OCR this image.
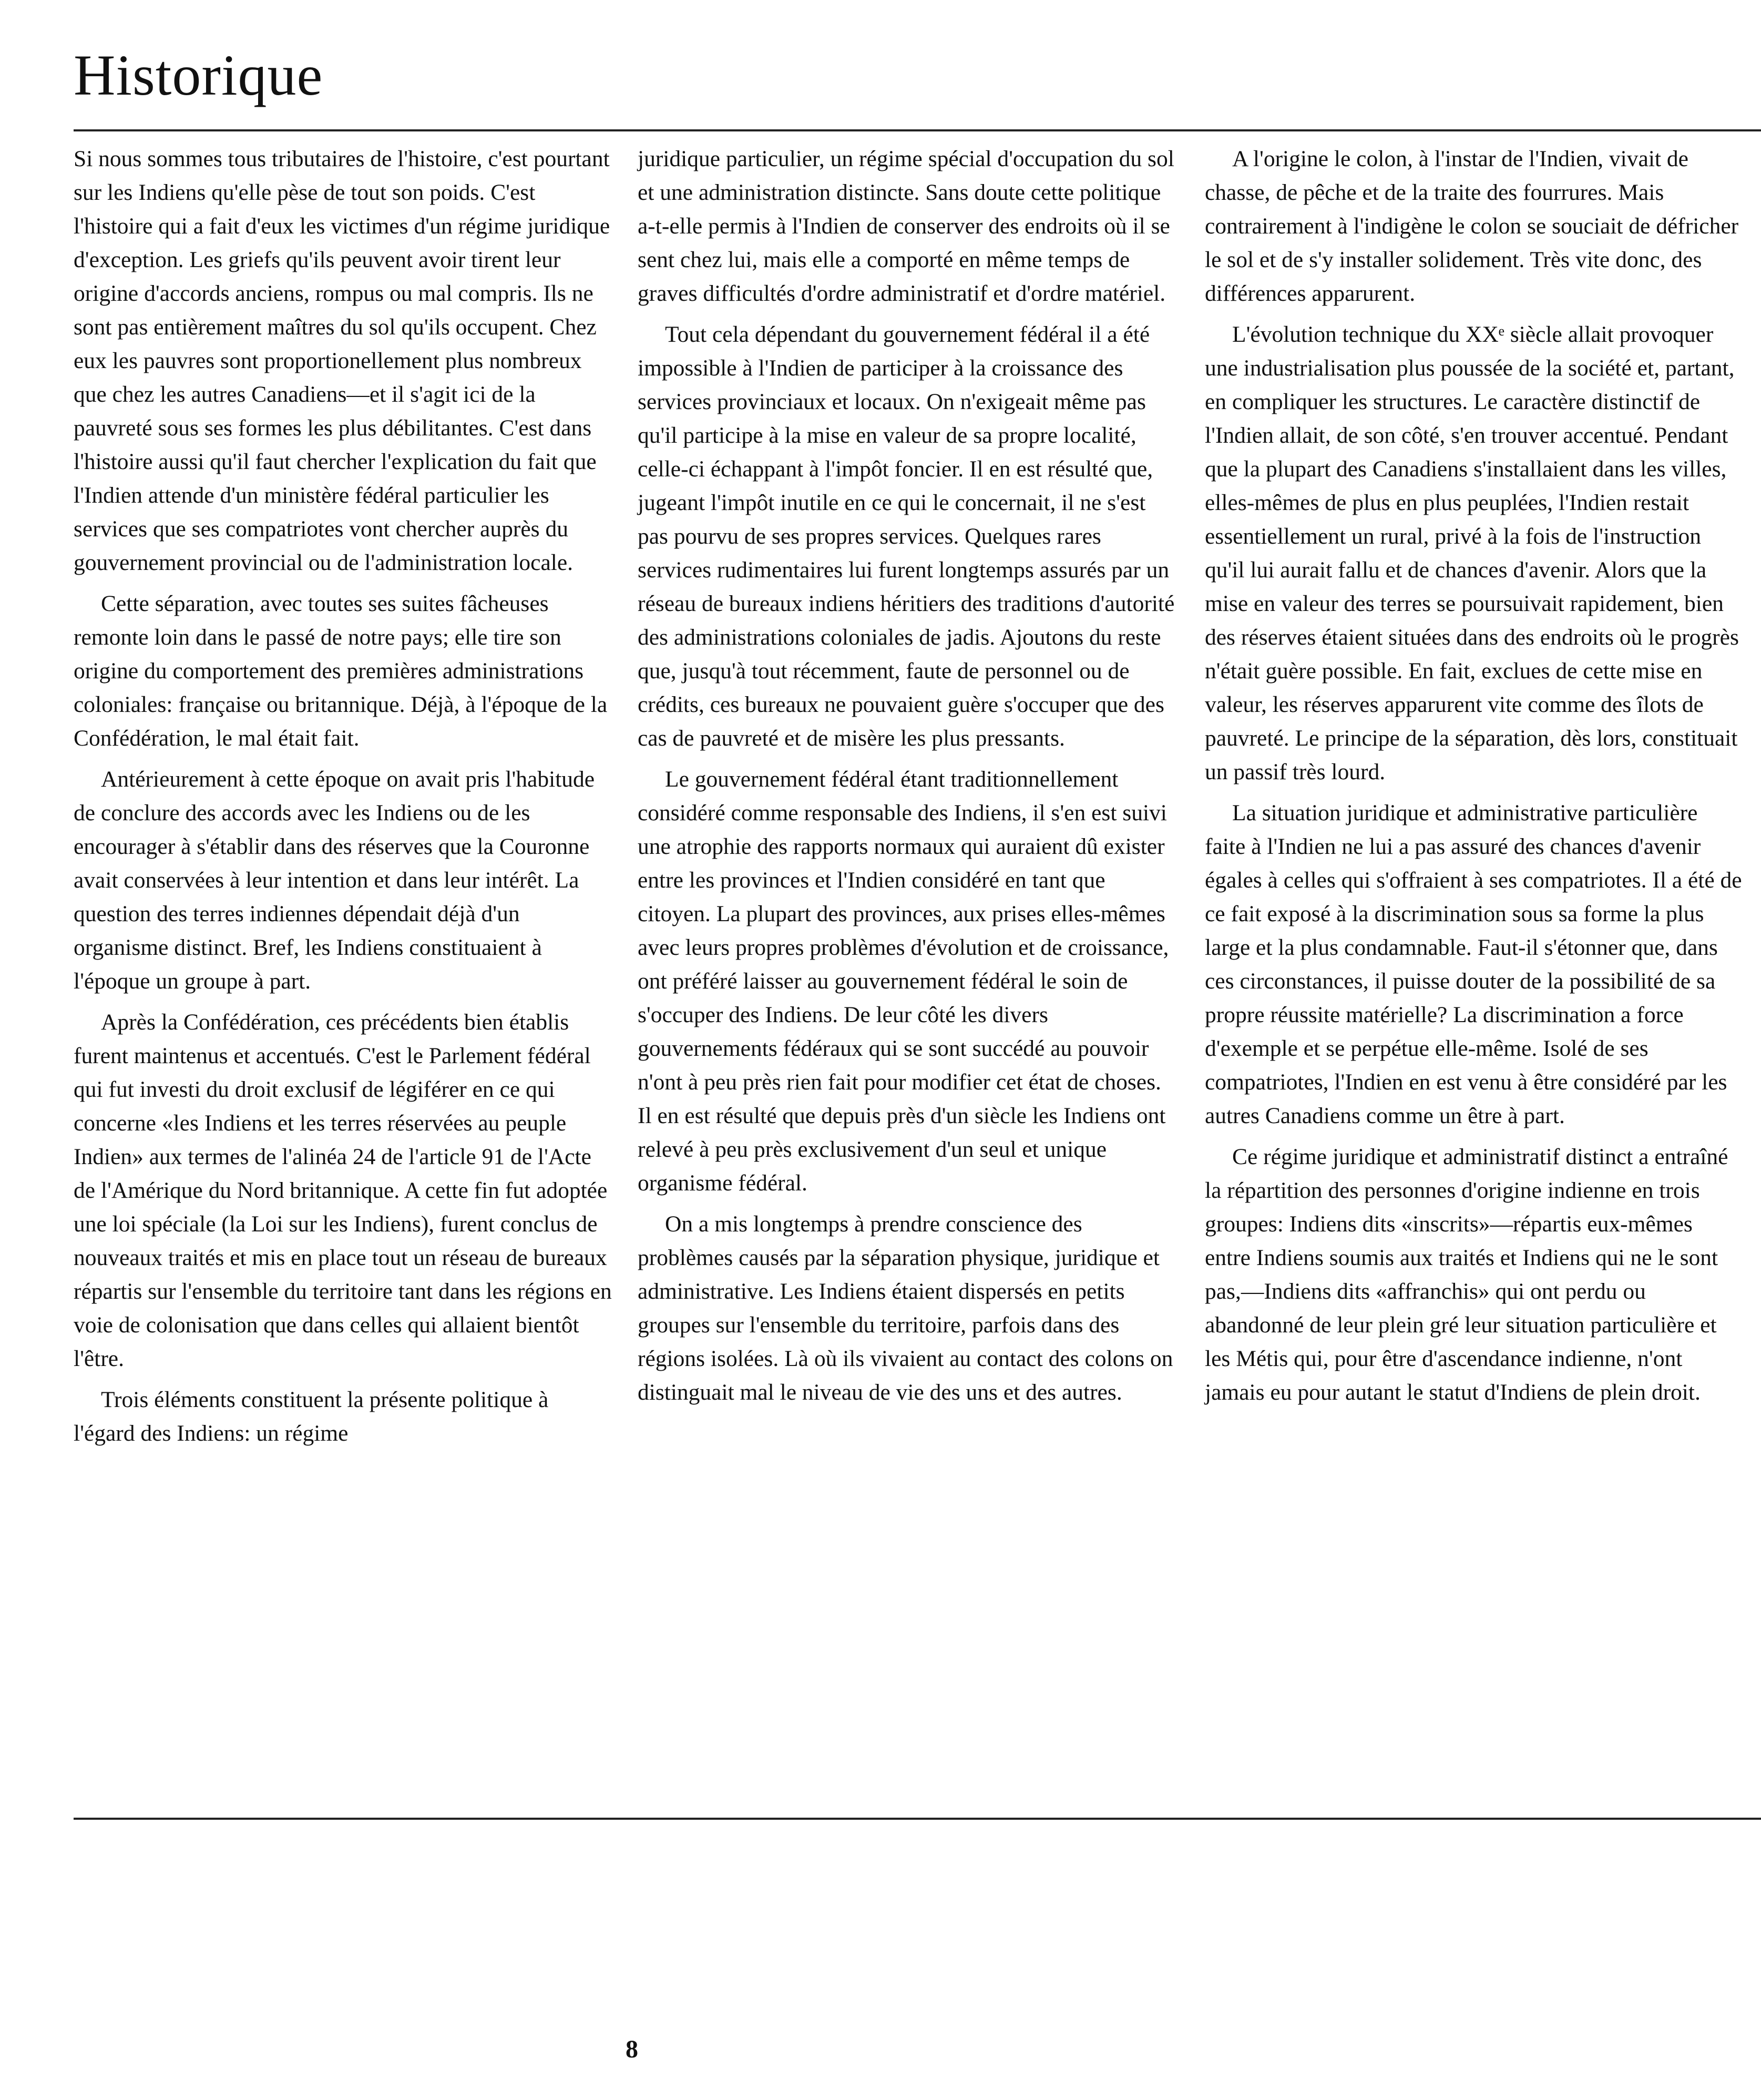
Historique

Si nous sommes tous tributaires de l'histoire, c'est pourtant sur les Indiens qu'elle pèse de tout son poids. C'est l'histoire qui a fait d'eux les victimes d'un régime juridique d'exception. Les griefs qu'ils peuvent avoir tirent leur origine d'accords anciens, rompus ou mal compris. Ils ne sont pas entièrement maîtres du sol qu'ils occupent. Chez eux les pauvres sont proportionellement plus nombreux que chez les autres Canadiens—et il s'agit ici de la pauvreté sous ses formes les plus débilitantes. C'est dans l'histoire aussi qu'il faut chercher l'explication du fait que l'Indien attende d'un ministère fédéral particulier les services que ses compatriotes vont chercher auprès du gouvernement provincial ou de l'administration locale.

Cette séparation, avec toutes ses suites fâcheuses remonte loin dans le passé de notre pays; elle tire son origine du comportement des premières administrations coloniales: française ou britannique. Déjà, à l'époque de la Confédération, le mal était fait.

Antérieurement à cette époque on avait pris l'habitude de conclure des accords avec les Indiens ou de les encourager à s'établir dans des réserves que la Couronne avait conservées à leur intention et dans leur intérêt. La question des terres indiennes dépendait déjà d'un organisme distinct. Bref, les Indiens constituaient à l'époque un groupe à part.

Après la Confédération, ces précédents bien établis furent maintenus et accentués. C'est le Parlement fédéral qui fut investi du droit exclusif de légiférer en ce qui concerne «les Indiens et les terres réservées au peuple Indien» aux termes de l'alinéa 24 de l'article 91 de l'Acte de l'Amérique du Nord britannique. A cette fin fut adoptée une loi spéciale (la Loi sur les Indiens), furent conclus de nouveaux traités et mis en place tout un réseau de bureaux répartis sur l'ensemble du territoire tant dans les régions en voie de colonisation que dans celles qui allaient bientôt l'être.

Trois éléments constituent la présente politique à l'égard des Indiens: un régime

juridique particulier, un régime spécial d'occupation du sol et une administration distincte. Sans doute cette politique a-t-elle permis à l'Indien de conserver des endroits où il se sent chez lui, mais elle a comporté en même temps de graves difficultés d'ordre administratif et d'ordre matériel.

Tout cela dépendant du gouvernement fédéral il a été impossible à l'Indien de participer à la croissance des services provinciaux et locaux. On n'exigeait même pas qu'il participe à la mise en valeur de sa propre localité, celle-ci échappant à l'impôt foncier. Il en est résulté que, jugeant l'impôt inutile en ce qui le concernait, il ne s'est pas pourvu de ses propres services. Quelques rares services rudimentaires lui furent longtemps assurés par un réseau de bureaux indiens héritiers des traditions d'autorité des administrations coloniales de jadis. Ajoutons du reste que, jusqu'à tout récemment, faute de personnel ou de crédits, ces bureaux ne pouvaient guère s'occuper que des cas de pauvreté et de misère les plus pressants.

Le gouvernement fédéral étant traditionnellement considéré comme responsable des Indiens, il s'en est suivi une atrophie des rapports normaux qui auraient dû exister entre les provinces et l'Indien considéré en tant que citoyen. La plupart des provinces, aux prises elles-mêmes avec leurs propres problèmes d'évolution et de croissance, ont préféré laisser au gouvernement fédéral le soin de s'occuper des Indiens. De leur côté les divers gouvernements fédéraux qui se sont succédé au pouvoir n'ont à peu près rien fait pour modifier cet état de choses. Il en est résulté que depuis près d'un siècle les Indiens ont relevé à peu près exclusivement d'un seul et unique organisme fédéral.

On a mis longtemps à prendre conscience des problèmes causés par la séparation physique, juridique et administrative. Les Indiens étaient dispersés en petits groupes sur l'ensemble du territoire, parfois dans des régions isolées. Là où ils vivaient au contact des colons on distinguait mal le niveau de vie des uns et des autres.

A l'origine le colon, à l'instar de l'Indien, vivait de chasse, de pêche et de la traite des fourrures. Mais contrairement à l'indigène le colon se souciait de défricher le sol et de s'y installer solidement. Très vite donc, des différences apparurent.

L'évolution technique du XXᵉ siècle allait provoquer une industrialisation plus poussée de la société et, partant, en compliquer les structures. Le caractère distinctif de l'Indien allait, de son côté, s'en trouver accentué. Pendant que la plupart des Canadiens s'installaient dans les villes, elles-mêmes de plus en plus peuplées, l'Indien restait essentiellement un rural, privé à la fois de l'instruction qu'il lui aurait fallu et de chances d'avenir. Alors que la mise en valeur des terres se poursuivait rapidement, bien des réserves étaient situées dans des endroits où le progrès n'était guère possible. En fait, exclues de cette mise en valeur, les réserves apparurent vite comme des îlots de pauvreté. Le principe de la séparation, dès lors, constituait un passif très lourd.

La situation juridique et administrative particulière faite à l'Indien ne lui a pas assuré des chances d'avenir égales à celles qui s'offraient à ses compatriotes. Il a été de ce fait exposé à la discrimination sous sa forme la plus large et la plus condamnable. Faut-il s'étonner que, dans ces circonstances, il puisse douter de la possibilité de sa propre réussite matérielle? La discrimination a force d'exemple et se perpétue elle-même. Isolé de ses compatriotes, l'Indien en est venu à être considéré par les autres Canadiens comme un être à part.

Ce régime juridique et administratif distinct a entraîné la répartition des personnes d'origine indienne en trois groupes: Indiens dits «inscrits»—répartis eux-mêmes entre Indiens soumis aux traités et Indiens qui ne le sont pas,—Indiens dits «affranchis» qui ont perdu ou abandonné de leur plein gré leur situation particulière et les Métis qui, pour être d'ascendance indienne, n'ont jamais eu pour autant le statut d'Indiens de plein droit.

8
